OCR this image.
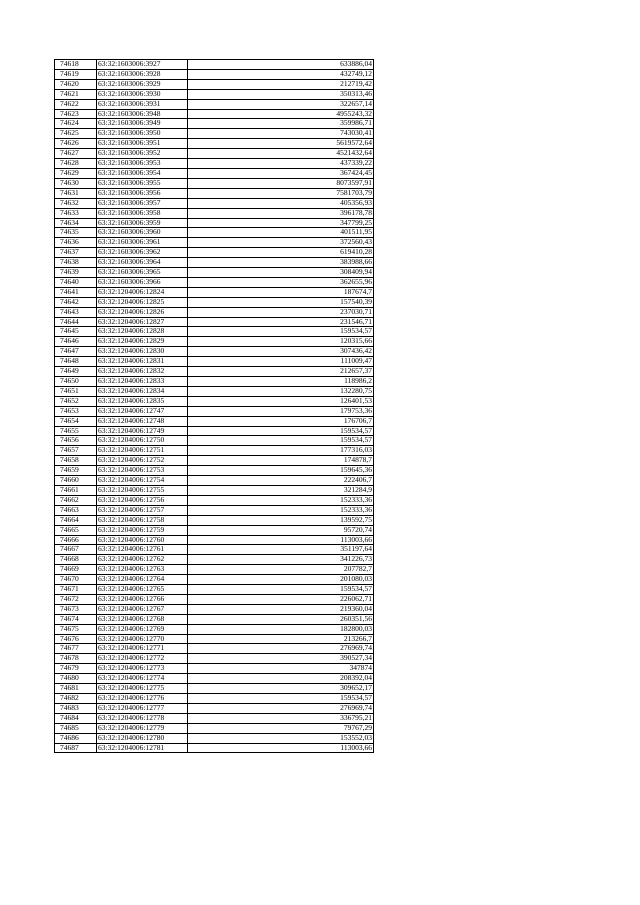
74618	63:32:1603006:3927	633886,04
74619	63:32:1603006:3928	432749,12
74620	63:32:1603006:3929	212719,42
74621	63:32:1603006:3930	350313,46
74622	63:32:1603006:3931	322657,14
74623	63:32:1603006:3948	4955243,32
74624	63:32:1603006:3949	359986,71
74625	63:32:1603006:3950	743030,41
74626	63:32:1603006:3951	5619572,64
74627	63:32:1603006:3952	4521432,64
74628	63:32:1603006:3953	437339,22
74629	63:32:1603006:3954	367424,45
74630	63:32:1603006:3955	8073597,91
74631	63:32:1603006:3956	7581703,79
74632	63:32:1603006:3957	405356,93
74633	63:32:1603006:3958	396178,78
74634	63:32:1603006:3959	347799,25
74635	63:32:1603006:3960	401511,95
74636	63:32:1603006:3961	372560,43
74637	63:32:1603006:3962	619410,28
74638	63:32:1603006:3964	383988,66
74639	63:32:1603006:3965	308409,94
74640	63:32:1603006:3966	362655,96
74641	63:32:1204006:12824	187674,7
74642	63:32:1204006:12825	157540,39
74643	63:32:1204006:12826	237030,71
74644	63:32:1204006:12827	231546,71
74645	63:32:1204006:12828	159534,57
74646	63:32:1204006:12829	120315,66
74647	63:32:1204006:12830	307436,42
74648	63:32:1204006:12831	111009,47
74649	63:32:1204006:12832	212657,37
74650	63:32:1204006:12833	118986,2
74651	63:32:1204006:12834	132280,75
74652	63:32:1204006:12835	126401,53
74653	63:32:1204006:12747	179753,36
74654	63:32:1204006:12748	176706,7
74655	63:32:1204006:12749	159534,57
74656	63:32:1204006:12750	159534,57
74657	63:32:1204006:12751	177316,03
74658	63:32:1204006:12752	174878,7
74659	63:32:1204006:12753	159645,36
74660	63:32:1204006:12754	222406,7
74661	63:32:1204006:12755	321284,9
74662	63:32:1204006:12756	152333,36
74663	63:32:1204006:12757	152333,36
74664	63:32:1204006:12758	139592,75
74665	63:32:1204006:12759	95720,74
74666	63:32:1204006:12760	113003,66
74667	63:32:1204006:12761	351197,64
74668	63:32:1204006:12762	341226,73
74669	63:32:1204006:12763	207782,7
74670	63:32:1204006:12764	201080,03
74671	63:32:1204006:12765	159534,57
74672	63:32:1204006:12766	226062,71
74673	63:32:1204006:12767	219360,04
74674	63:32:1204006:12768	260351,56
74675	63:32:1204006:12769	182800,03
74676	63:32:1204006:12770	213266,7
74677	63:32:1204006:12771	276969,74
74678	63:32:1204006:12772	390527,34
74679	63:32:1204006:12773	347874
74680	63:32:1204006:12774	208392,04
74681	63:32:1204006:12775	309652,17
74682	63:32:1204006:12776	159534,57
74683	63:32:1204006:12777	276969,74
74684	63:32:1204006:12778	336795,21
74685	63:32:1204006:12779	79767,29
74686	63:32:1204006:12780	153552,03
74687	63:32:1204006:12781	113003,66
